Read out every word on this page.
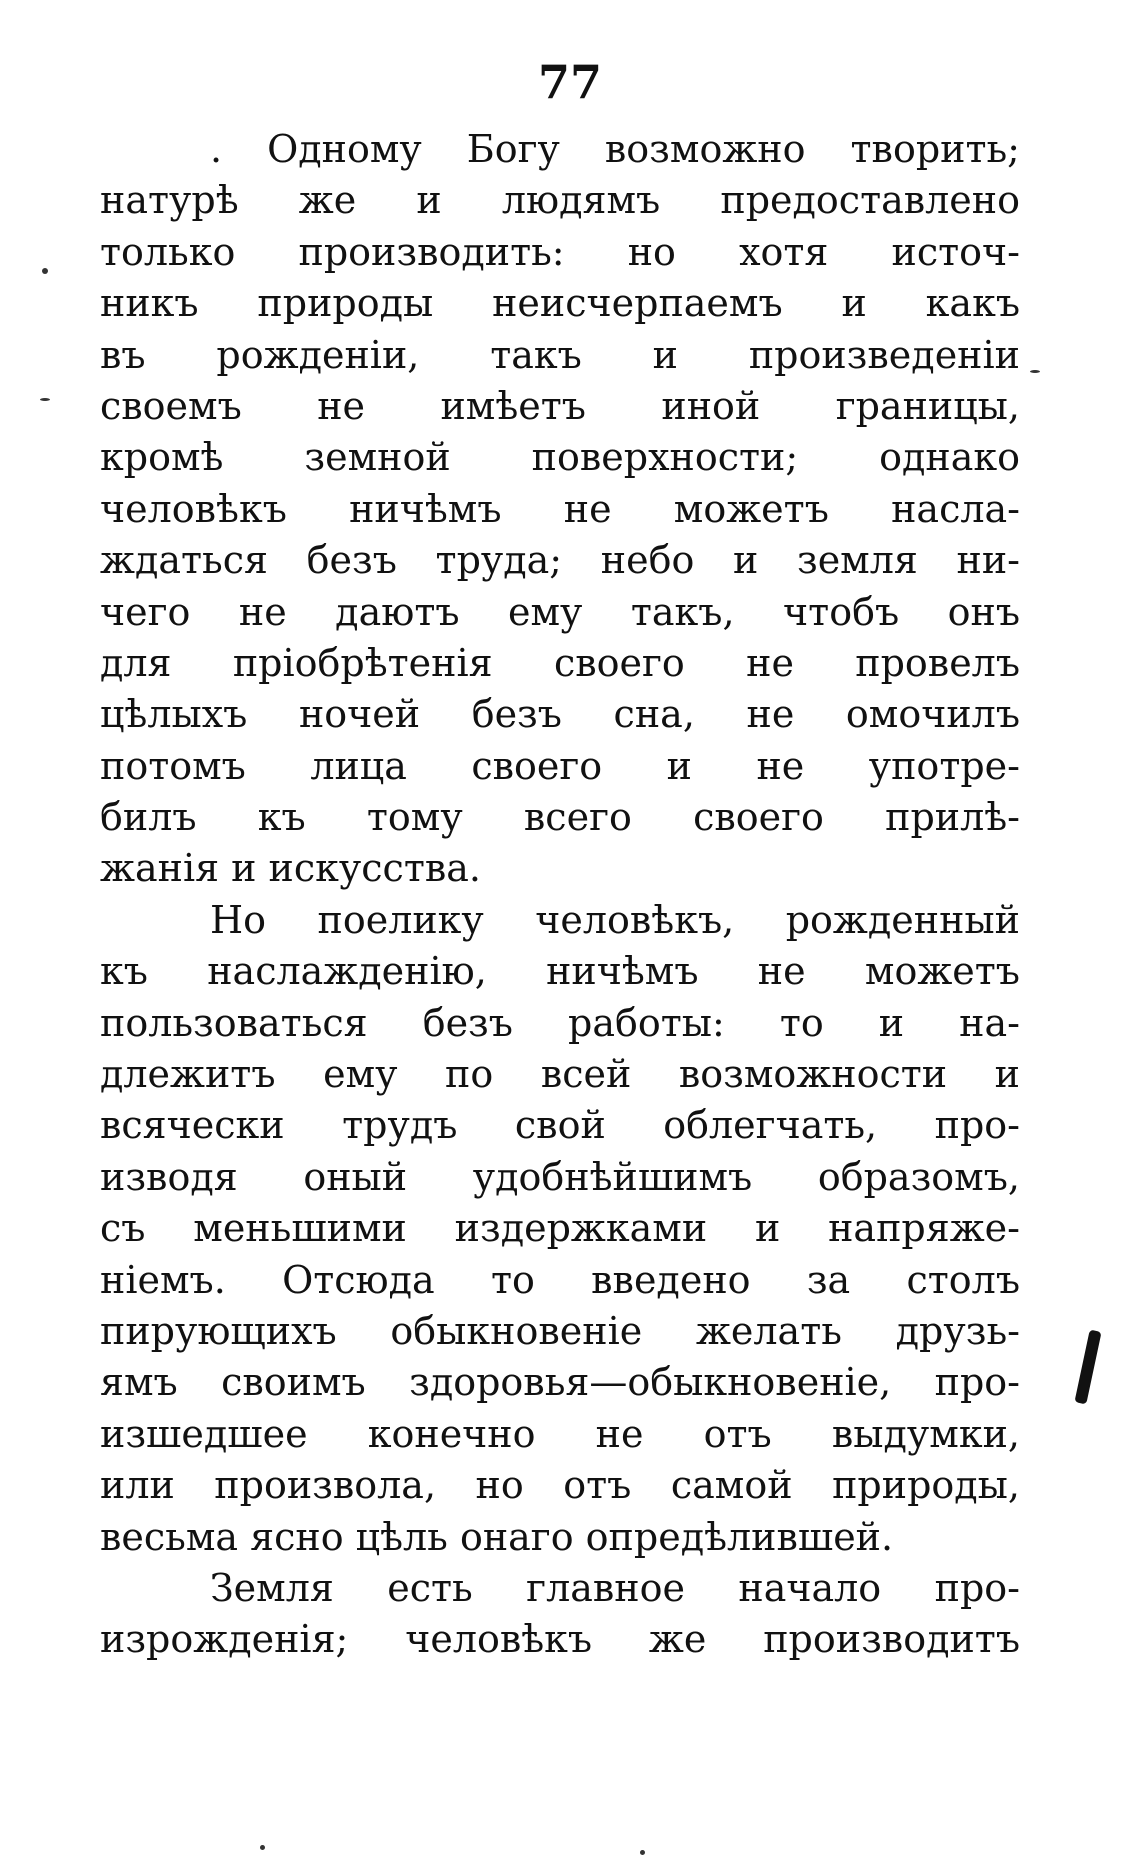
77
. Одному Богу возможно творить;
натурѣ же и людямъ предоставлено
только производить: но хотя источ-
никъ природы неисчерпаемъ и какъ
въ рожденіи, такъ и произведеніи
своемъ не имѣетъ иной границы,
кромѣ земной поверхности; однако
человѣкъ ничѣмъ не можетъ насла-
ждаться безъ труда; небо и земля ни-
чего не даютъ ему такъ, чтобъ онъ
для пріобрѣтенія своего не провелъ
цѣлыхъ ночей безъ сна, не омочилъ
потомъ лица своего и не употре-
билъ къ тому всего своего прилѣ-
жанія и искусства.
Но поелику человѣкъ, рожденный
къ наслажденію, ничѣмъ не можетъ
пользоваться безъ работы: то и на-
длежитъ ему по всей возможности и
всячески трудъ свой облегчать, про-
изводя оный удобнѣйшимъ образомъ,
съ меньшими издержками и напряже-
ніемъ. Отсюда то введено за столъ
пирующихъ обыкновеніе желать друзь-
ямъ своимъ здоровья—обыкновеніе, про-
изшедшее конечно не отъ выдумки,
или произвола, но отъ самой природы,
весьма ясно цѣль онаго опредѣлившей.
Земля есть главное начало про-
изрожденія; человѣкъ же производитъ
